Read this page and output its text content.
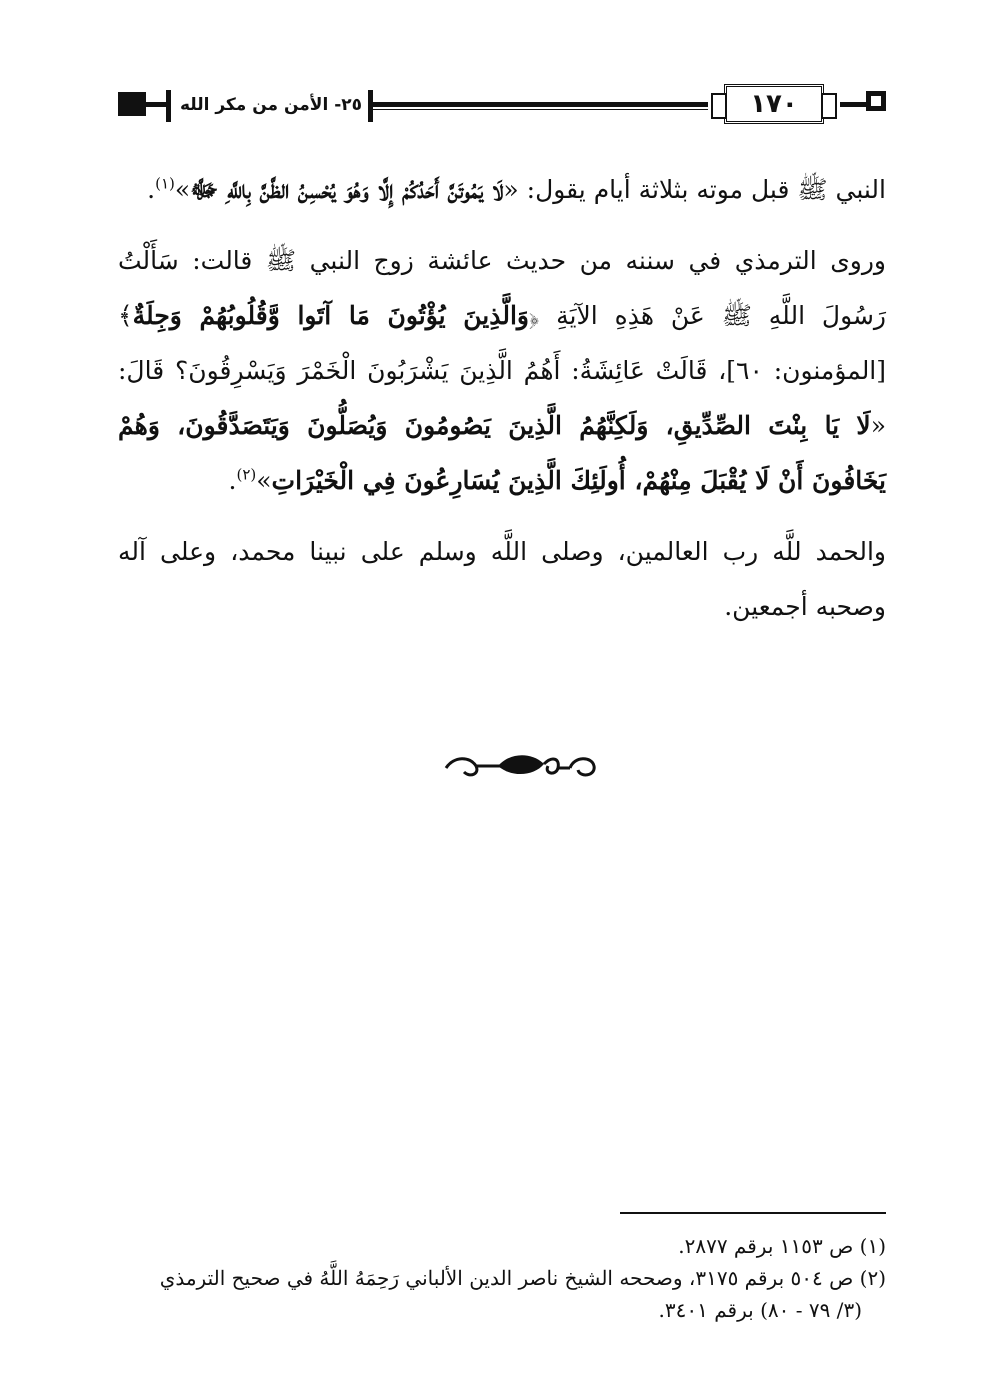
٢٥- الأمن من مكر الله	١٧٠

النبي ﷺ قبل موته بثلاثة أيام يقول: «لَا يَمُوتَنَّ أَحَدُكُمْ إِلَّا وَهُوَ يُحْسِنُ الظَّنَّ بِاللَّهِ ﷻ»$^{(١)}$.

وروى الترمذي في سننه من حديث عائشة زوج النبي ﷺ قالت: سَأَلْتُ رَسُولَ اللَّهِ ﷺ عَنْ هَذِهِ الآيَةِ ﴿وَالَّذِينَ يُؤْتُونَ مَا آتَوا وَّقُلُوبُهُمْ وَجِلَةٌ﴾ [المؤمنون: ٦٠]، قَالَتْ عَائِشَةُ: أَهُمُ الَّذِينَ يَشْرَبُونَ الْخَمْرَ وَيَسْرِقُونَ؟ قَالَ: «لَا يَا بِنْتَ الصِّدِّيقِ، وَلَكِنَّهُمُ الَّذِينَ يَصُومُونَ وَيُصَلُّونَ وَيَتَصَدَّقُونَ، وَهُمْ يَخَافُونَ أَنْ لَا يُقْبَلَ مِنْهُمْ، أُولَئِكَ الَّذِينَ يُسَارِعُونَ فِي الْخَيْرَاتِ»$^{(٢)}$.

والحمد للَّه رب العالمين، وصلى اللَّه وسلم على نبينا محمد، وعلى آله وصحبه أجمعين.

(١) ص ١١٥٣ برقم ٢٨٧٧.

(٢) ص ٥٠٤ برقم ٣١٧٥، وصححه الشيخ ناصر الدين الألباني رَحِمَهُ اللَّهُ في صحيح الترمذي

(٣/ ٧٩ - ٨٠) برقم ٣٤٠١.
